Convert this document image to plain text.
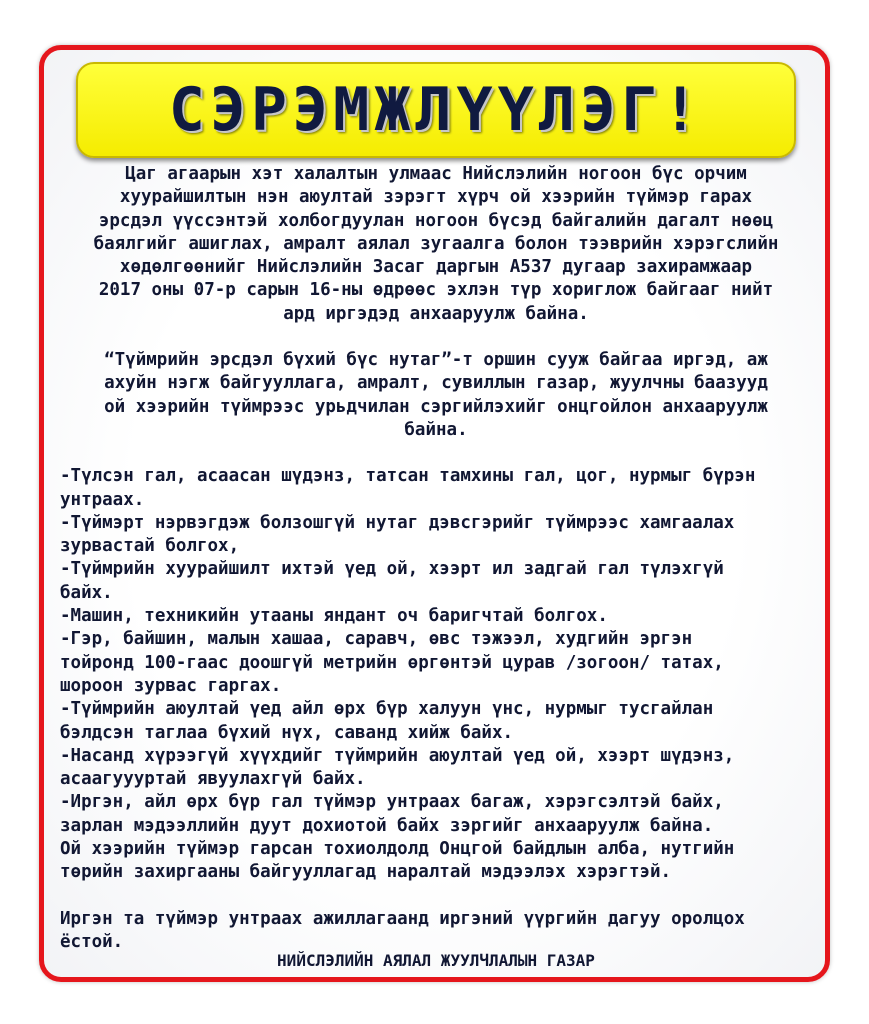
СЭРЭМЖЛҮҮЛЭГ!

Цаг агаарын хэт халалтын улмаас Нийслэлийн ногоон бүс орчим

хуурайшилтын нэн аюултай зэрэгт хүрч ой хээрийн түймэр гарах

эрсдэл үүссэнтэй холбогдуулан ногоон бүсэд байгалийн дагалт нөөц

баялгийг ашиглах, амралт аялал зугаалга болон тээврийн хэрэгслийн

хөдөлгөөнийг Нийслэлийн Засаг даргын А537 дугаар захирамжаар

2017 оны 07-р сарын 16-ны өдрөөс эхлэн түр хориглож байгааг нийт

ард иргэдэд анхааруулж байна.

“Түймрийн эрсдэл бүхий бүс нутаг”-т оршин сууж байгаа иргэд, аж

ахуйн нэгж байгууллага, амралт, сувиллын газар, жуулчны баазууд

ой хээрийн түймрээс урьдчилан сэргийлэхийг онцгойлон анхааруулж

байна.

-Түлсэн гал, асаасан шүдэнз, татсан тамхины гал, цог, нурмыг бүрэн

унтраах.

-Түймэрт нэрвэгдэж болзошгүй нутаг дэвсгэрийг түймрээс хамгаалах

зурвастай болгох,

-Түймрийн хуурайшилт ихтэй үед ой, хээрт ил задгай гал түлэхгүй

байх.

-Машин, техникийн утааны яндант оч баригчтай болгох.

-Гэр, байшин, малын хашаа, саравч, өвс тэжээл, худгийн эргэн

тойронд 100-гаас доошгүй метрийн өргөнтэй цурав /зогоон/ татах,

шороон зурвас гаргах.

-Түймрийн аюултай үед айл өрх бүр халуун үнс, нурмыг тусгайлан

бэлдсэн таглаа бүхий нүх, саванд хийж байх.

-Насанд хүрээгүй хүүхдийг түймрийн аюултай үед ой, хээрт шүдэнз,

асаагуууртай явуулахгүй байх.

-Иргэн, айл өрх бүр гал түймэр унтраах багаж, хэрэгсэлтэй байх,

зарлан мэдээллийн дуут дохиотой байх зэргийг анхааруулж байна.

Ой хээрийн түймэр гарсан тохиолдолд Онцгой байдлын алба, нутгийн

төрийн захиргааны байгууллагад наралтай мэдээлэх хэрэгтэй.

Иргэн та түймэр унтраах ажиллагаанд иргэний үүргийн дагуу оролцох

ёстой.

НИЙСЛЭЛИЙН АЯЛАЛ ЖУУЛЧЛАЛЫН ГАЗАР
